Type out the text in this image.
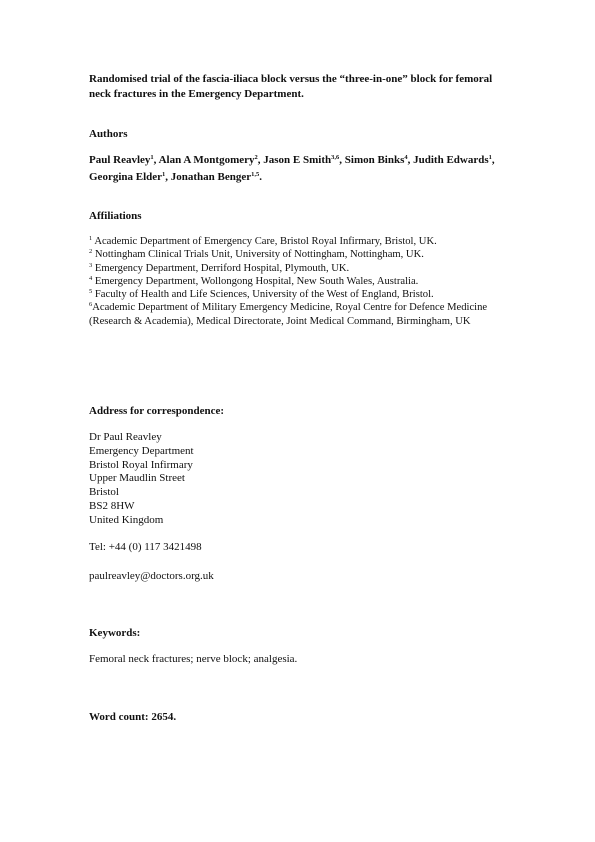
Randomised trial of the fascia-iliaca block versus the “three-in-one” block for femoral neck fractures in the Emergency Department.
Authors
Paul Reavley$^1$, Alan A Montgomery$^2$, Jason E Smith$^{3,6}$, Simon Binks$^4$, Judith Edwards$^1$, Georgina Elder$^1$, Jonathan Benger$^{1,5}$.
Affiliations
$^1$ Academic Department of Emergency Care, Bristol Royal Infirmary, Bristol, UK.
$^2$ Nottingham Clinical Trials Unit, University of Nottingham, Nottingham, UK.
$^3$ Emergency Department, Derriford Hospital, Plymouth, UK.
$^4$ Emergency Department, Wollongong Hospital, New South Wales, Australia.
$^5$ Faculty of Health and Life Sciences, University of the West of England, Bristol.
$^6$Academic Department of Military Emergency Medicine, Royal Centre for Defence Medicine (Research & Academia), Medical Directorate, Joint Medical Command, Birmingham, UK
Address for correspondence:
Dr Paul Reavley
Emergency Department
Bristol Royal Infirmary
Upper Maudlin Street
Bristol
BS2 8HW
United Kingdom
Tel: +44 (0) 117 3421498
paulreavley@doctors.org.uk
Keywords:
Femoral neck fractures; nerve block; analgesia.
Word count: 2654.
